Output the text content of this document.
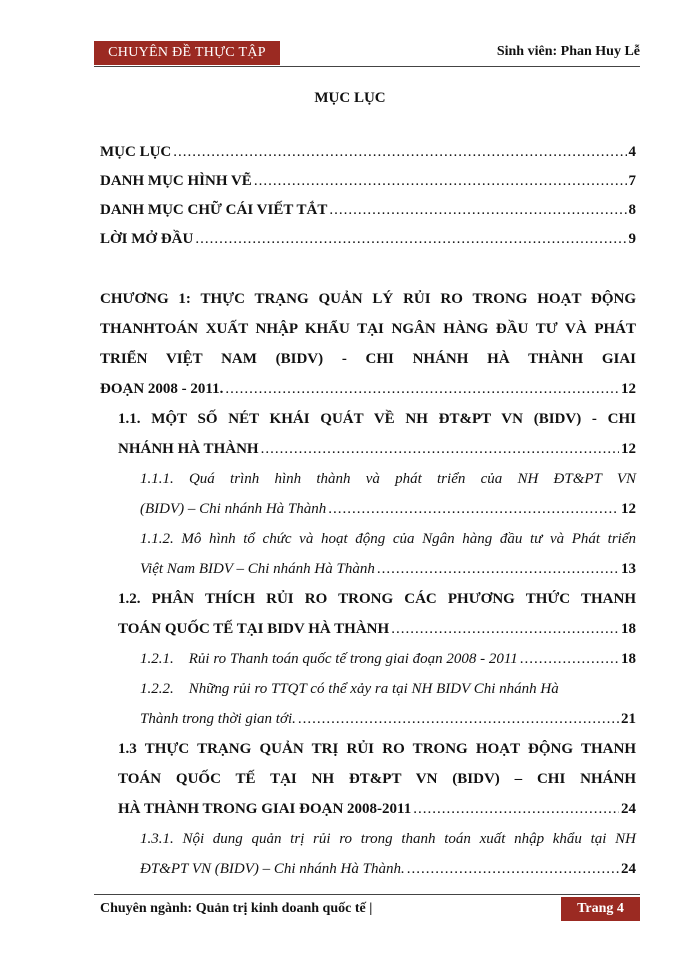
CHUYÊN ĐỀ THỰC TẬP	Sinh viên: Phan Huy Lễ
MỤC LỤC
MỤC LỤC .....	4
DANH MỤC HÌNH VẼ .....	7
DANH MỤC CHỮ CÁI VIẾT TẮT .....	8
LỜI MỞ ĐẦU .....	9
CHƯƠNG 1: THỰC TRẠNG QUẢN LÝ RỦI RO TRONG HOẠT ĐỘNG THANHTOÁN XUẤT NHẬP KHẨU TẠI NGÂN HÀNG ĐẦU TƯ VÀ PHÁT TRIỂN VIỆT NAM (BIDV) - CHI NHÁNH HÀ THÀNH GIAI
ĐOẠN 2008 - 2011. .....	12
1.1. MỘT SỐ NÉT KHÁI QUÁT VỀ NH ĐT&PT VN (BIDV) - CHI
NHÁNH HÀ THÀNH .....	12
1.1.1. Quá trình hình thành và phát triển của NH ĐT&PT VN
(BIDV) – Chi nhánh Hà Thành .....	12
1.1.2. Mô hình tổ chức và hoạt động của Ngân hàng đầu tư và Phát triển
Việt Nam BIDV – Chi nhánh Hà Thành .....	13
1.2. PHÂN THÍCH RỦI RO TRONG CÁC PHƯƠNG THỨC THANH
TOÁN QUỐC TẾ TẠI BIDV HÀ THÀNH .....	18
1.2.1.    Rủi ro Thanh toán quốc tế trong giai đoạn 2008 - 2011 .....	18
1.2.2.    Những rủi ro TTQT có thể xảy ra tại NH BIDV Chi nhánh Hà
Thành trong thời gian tới. .....	21
1.3 THỰC TRẠNG QUẢN TRỊ RỦI RO TRONG HOẠT ĐỘNG THANH TOÁN QUỐC TẾ TẠI NH ĐT&PT VN (BIDV) – CHI NHÁNH
HÀ THÀNH TRONG GIAI ĐOẠN 2008-2011 .....	24
1.3.1. Nội dung quản trị rủi ro trong thanh toán xuất nhập khẩu tại NH
ĐT&PT VN (BIDV) – Chi nhánh Hà Thành. .....	24
Chuyên ngành: Quản trị kinh doanh quốc tế |	Trang 4
